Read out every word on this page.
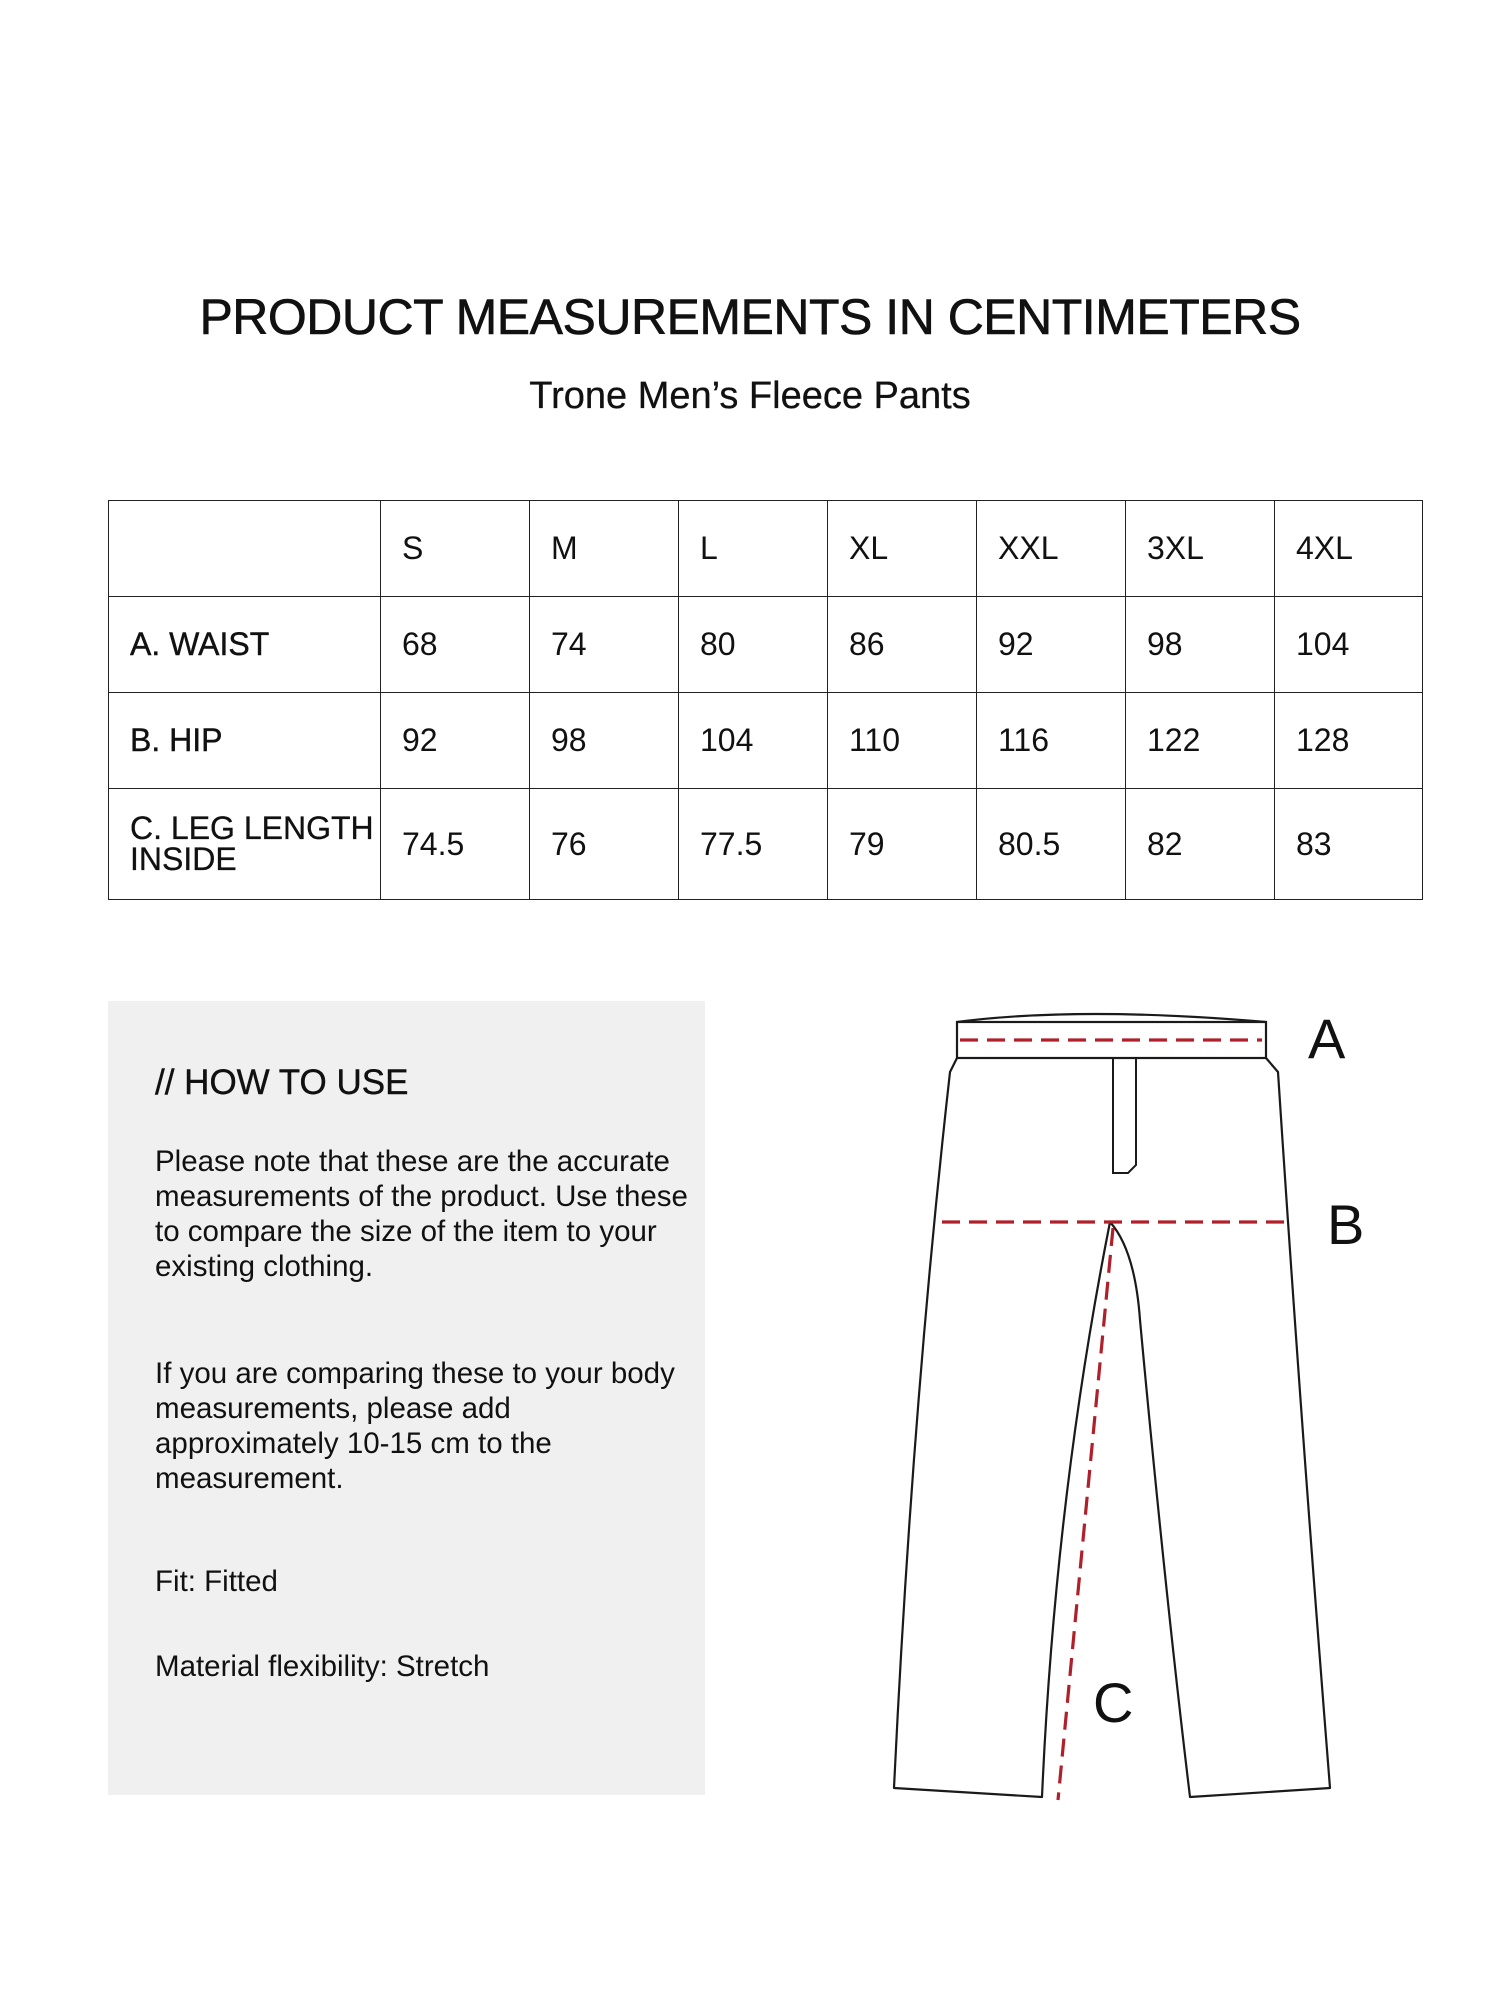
PRODUCT MEASUREMENTS IN CENTIMETERS
Trone Men’s Fleece Pants
	S	M	L	XL	XXL	3XL	4XL
A. WAIST	68	74	80	86	92	98	104
B. HIP	92	98	104	110	116	122	128
C. LEG LENGTH
INSIDE	74.5	76	77.5	79	80.5	82	83
// HOW TO USE
Please note that these are the accurate measurements of the product. Use these to compare the size of the item to your existing clothing.
If you are comparing these to your body measurements, please add approximately 10-15 cm to the measurement.
Fit: Fitted
Material flexibility: Stretch
A
B
C
